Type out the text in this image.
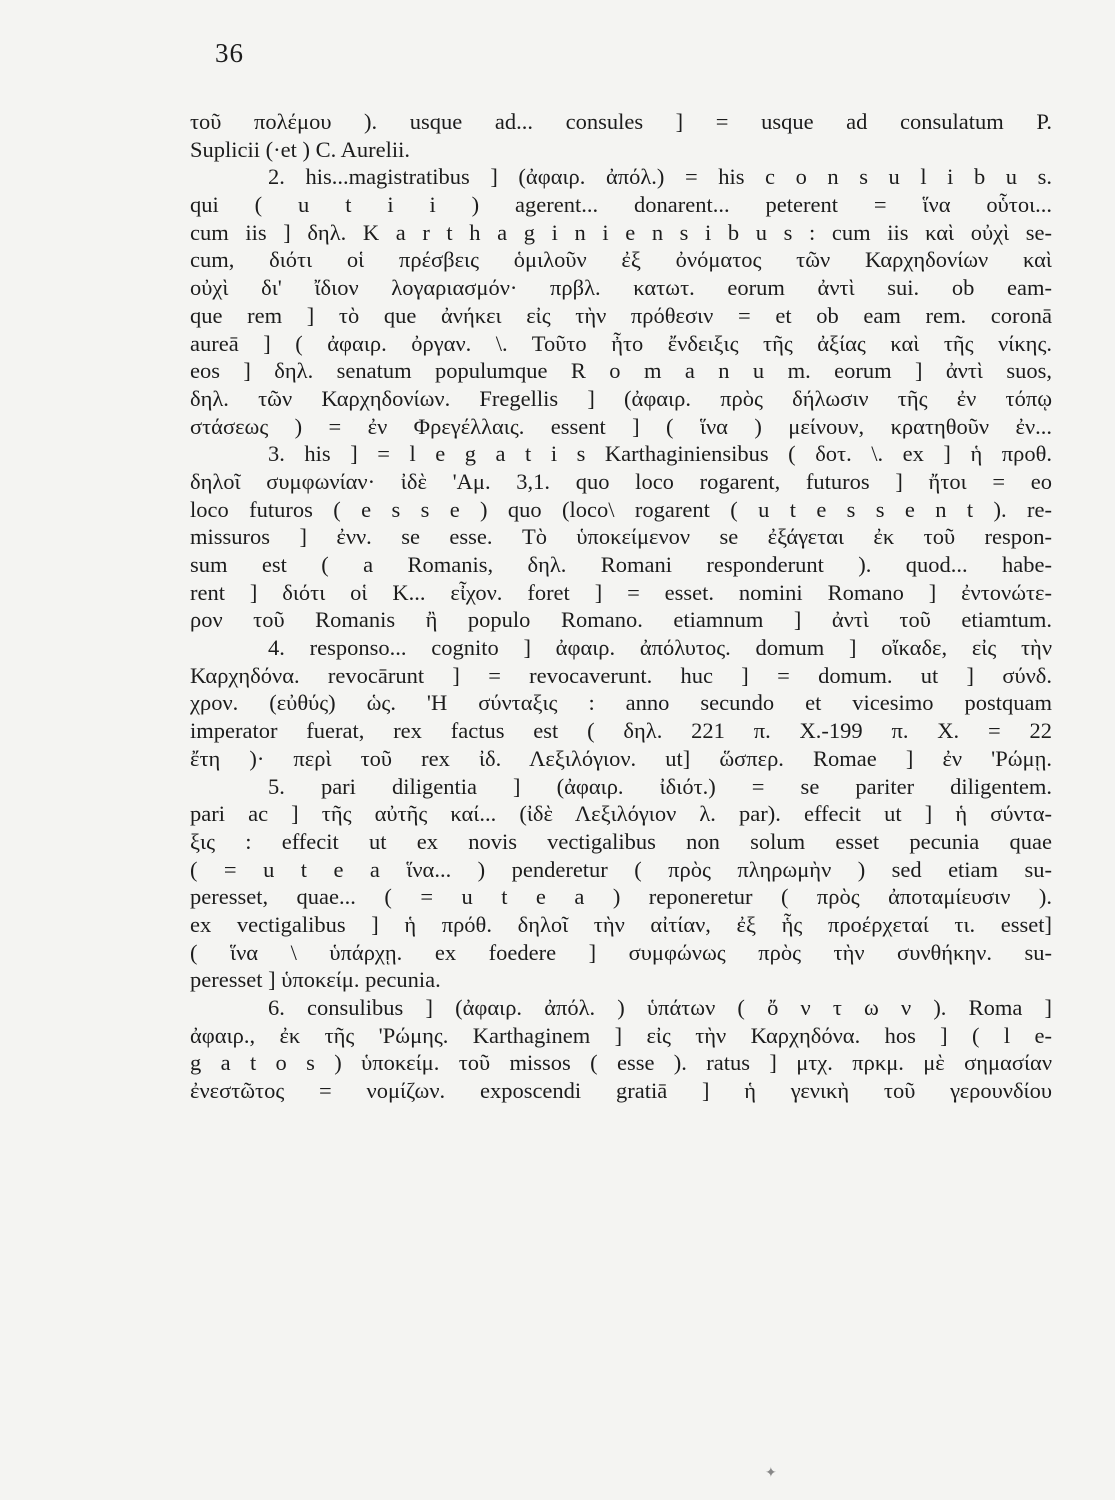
36
τοῦ πολέμου ). usque ad... consules ] = usque ad consulatum P.
Suplicii (·et ) C. Aurelii.
2. his...magistratibus ] (ἀφαιρ. ἀπόλ.) = his c o n s u l i b u s.
qui ( u t i i ) agerent... donarent... peterent = ἵνα οὗτοι...
cum iis ] δηλ. K a r t h a g i n i e n s i b u s : cum iis καὶ οὐχὶ se-
cum, διότι οἱ πρέσβεις ὁμιλοῦν ἐξ ὀνόματος τῶν Καρχηδονίων καὶ
οὐχὶ δι' ἴδιον λογαριασμόν· πρβλ. κατωτ. eorum ἀντὶ sui. ob eam-
que rem ] τὸ que ἀνήκει εἰς τὴν πρόθεσιν = et ob eam rem. coronā
aureā ] ( ἀφαιρ. ὀργαν. \. Τοῦτο ἦτο ἔνδειξις τῆς ἀξίας καὶ τῆς νίκης.
eos ] δηλ. senatum populumque R o m a n u m. eorum ] ἀντὶ suos,
δηλ. τῶν Καρχηδονίων. Fregellis ] (ἀφαιρ. πρὸς δήλωσιν τῆς ἐν τόπῳ
στάσεως ) = ἐν Φρεγέλλαις. essent ] ( ἵνα ) μείνουν, κρατηθοῦν ἐν...
3. his ] = l e g a t i s Karthaginiensibus ( δοτ. \. ex ] ἡ προθ.
δηλοῖ συμφωνίαν· ἰδὲ 'Aμ. 3,1. quo loco rogarent, futuros ] ἤτοι = eo
loco futuros ( e s s e ) quo (loco\ rogarent ( u t e s s e n t ). re-
missuros ] ἐνν. se esse. Τὸ ὑποκείμενον se ἐξάγεται ἐκ τοῦ respon-
sum est ( a Romanis, δηλ. Romani responderunt ). quod... habe-
rent ] διότι οἱ K... εἶχον. foret ] = esset. nomini Romano ] ἐντονώτε-
ρον τοῦ Romanis ἢ populo Romano. etiamnum ] ἀντὶ τοῦ etiamtum.
4. responso... cognito ] ἀφαιρ. ἀπόλυτος. domum ] οἴκαδε, εἰς τὴν
Καρχηδόνα. revocārunt ] = revocaverunt. huc ] = domum. ut ] σύνδ.
χρον. (εὐθύς) ὡς. 'Η σύνταξις : anno secundo et vicesimo postquam
imperator fuerat, rex factus est ( δηλ. 221 π. X.-199 π. X. = 22
ἔτη )· περὶ τοῦ rex ἰδ. Λεξιλόγιον. ut] ὥσπερ. Romae ] ἐν 'Ρώμῃ.
5. pari diligentia ] (ἀφαιρ. ἰδιότ.) = se pariter diligentem.
pari ac ] τῆς αὐτῆς καί... (ἰδὲ Λεξιλόγιον λ. par). effecit ut ] ἡ σύντα-
ξις : effecit ut ex novis vectigalibus non solum esset pecunia quae
( = u t e a ἵνα... ) penderetur ( πρὸς πληρωμὴν ) sed etiam su-
peresset, quae... ( = u t e a ) reponeretur ( πρὸς ἀποταμίευσιν ).
ex vectigalibus ] ἡ πρόθ. δηλοῖ τὴν αἰτίαν, ἐξ ἧς προέρχεταί τι. esset]
( ἵνα \ ὑπάρχῃ. ex foedere ] συμφώνως πρὸς τὴν συνθήκην. su-
peresset ] ὑποκείμ. pecunia.
6. consulibus ] (ἀφαιρ. ἀπόλ. ) ὑπάτων ( ὄ ν τ ω ν ). Roma ]
ἀφαιρ., ἐκ τῆς 'Ρώμης. Karthaginem ] εἰς τὴν Καρχηδόνα. hos ] ( l e-
g a t o s ) ὑποκείμ. τοῦ missos ( esse ). ratus ] μτχ. πρκμ. μὲ σημασίαν
ἐνεστῶτος = νομίζων. exposcendi gratiā ] ἡ γενικὴ τοῦ γερουνδίου
✦
